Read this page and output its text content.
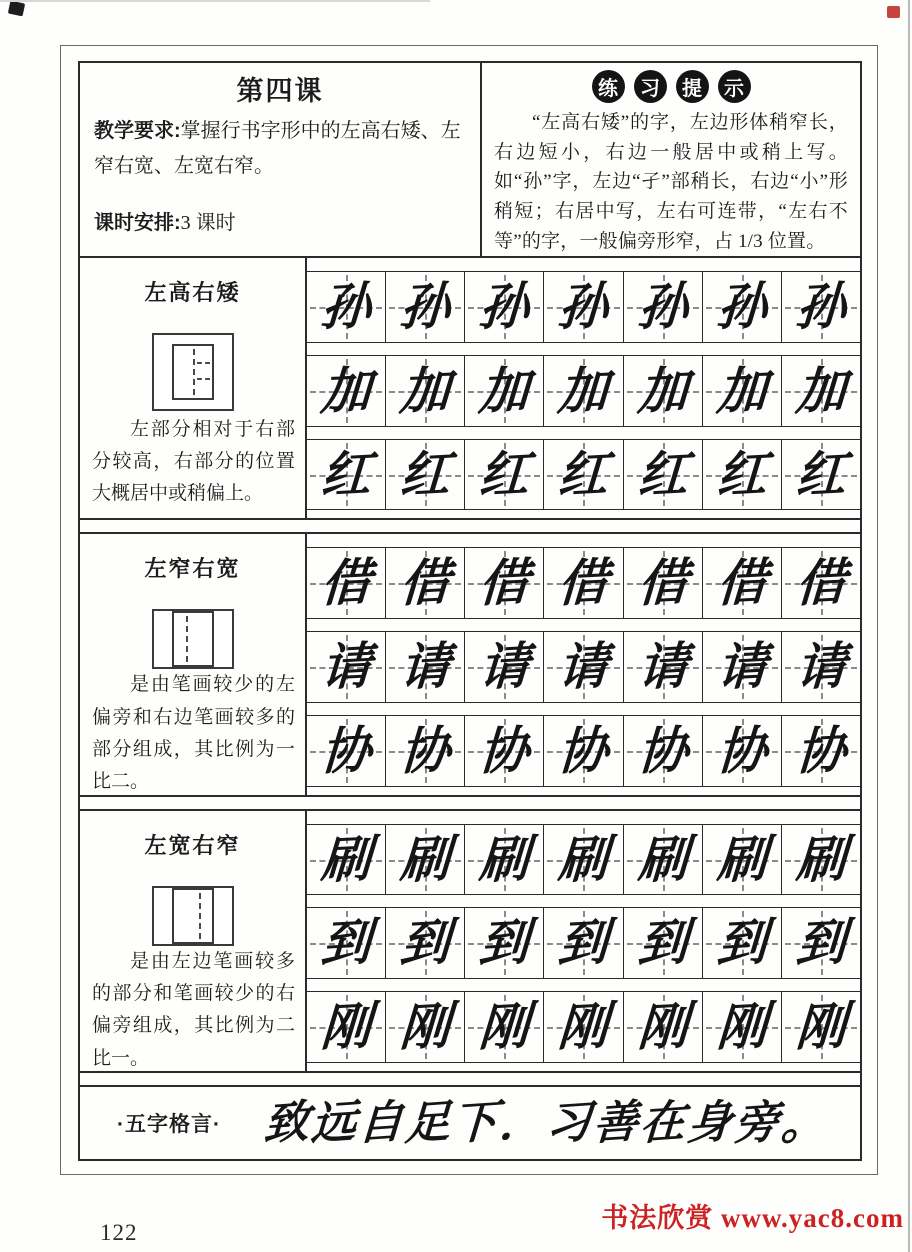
第四课

教学要求:掌握行书字形中的左高右矮、左窄右宽、左宽右窄。

课时安排:3 课时

练	习	提	示

“左高右矮”的字，左边形体稍窄长，右边短小，右边一般居中或稍上写。如“孙”字，左边“孑”部稍长，右边“小”形稍短；右居中写，左右可连带，“左右不等”的字，一般偏旁形窄，占 1/3 位置。

左高右矮
左部分相对于右部分较高，右部分的位置大概居中或稍偏上。
孙 孙 孙 孙 孙 孙 孙
加 加 加 加 加 加 加
红 红 红 红 红 红 红
左窄右宽
是由笔画较少的左偏旁和右边笔画较多的部分组成，其比例为一比二。
借 借 借 借 借 借 借
请 请 请 请 请 请 请
协 协 协 协 协 协 协
左宽右窄
是由左边笔画较多的部分和笔画较少的右偏旁组成，其比例为二比一。
刷 刷 刷 刷 刷 刷 刷
到 到 到 到 到 到 到
刚 刚 刚 刚 刚 刚 刚
·五字格言· 致 远 自 足 下 ． 习 善 在 身 旁 。
122	书法欣赏 www.yac8.com
